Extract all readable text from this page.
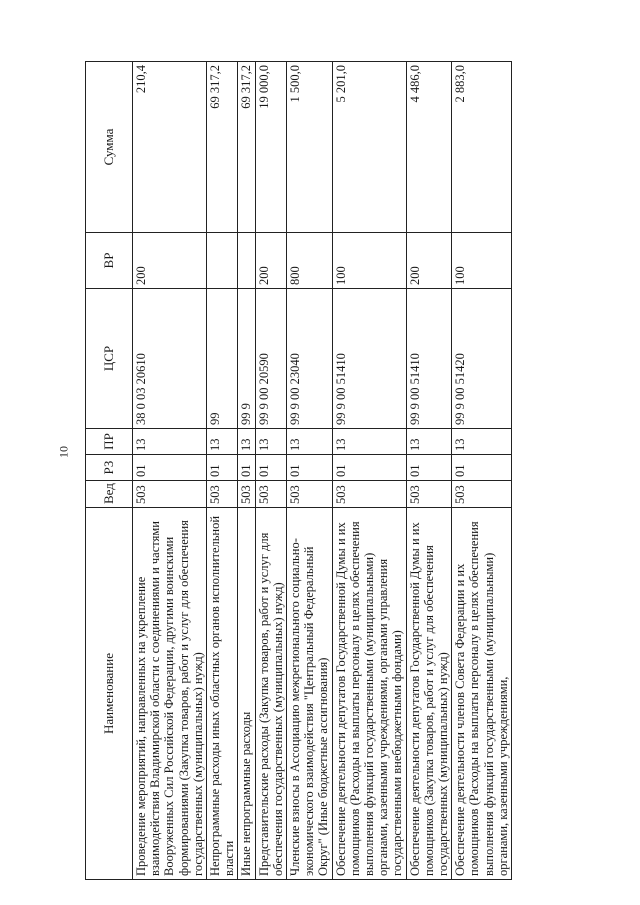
10
Наименование	Вед	РЗ	ПР	ЦСР	ВР	Сумма
Проведение мероприятий, направленных на укрепление взаимодействия Владимирской области с соединениями и частями Вооруженных Сил Российской Федерации, другими воинскими формированиями (Закупка товаров, работ и услуг для обеспечения государственных (муниципальных) нужд)	503	01	13	38 0 03 20610	200	210,4
Непрограммные расходы иных областных органов исполнительной власти	503	01	13	99		69 317,2
Иные непрограммные расходы	503	01	13	99 9		69 317,2
Представительские расходы (Закупка товаров, работ и услуг для обеспечения государственных (муниципальных) нужд)	503	01	13	99 9 00 20590	200	19 000,0
Членские взносы в Ассоциацию межрегионального социально-экономического взаимодействия "Центральный Федеральный Округ" (Иные бюджетные ассигнования)	503	01	13	99 9 00 23040	800	1 500,0
Обеспечение деятельности депутатов Государственной Думы и их помощников (Расходы на выплаты персоналу в целях обеспечения выполнения функций государственными (муниципальными) органами, казенными учреждениями, органами управления государственными внебюджетными фондами)	503	01	13	99 9 00 51410	100	5 201,0
Обеспечение деятельности депутатов Государственной Думы и их помощников (Закупка товаров, работ и услуг для обеспечения государственных (муниципальных) нужд)	503	01	13	99 9 00 51410	200	4 486,0
Обеспечение деятельности членов Совета Федерации и их помощников (Расходы на выплаты персоналу в целях обеспечения выполнения функций государственными (муниципальными) органами, казенными учреждениями,	503	01	13	99 9 00 51420	100	2 883,0
